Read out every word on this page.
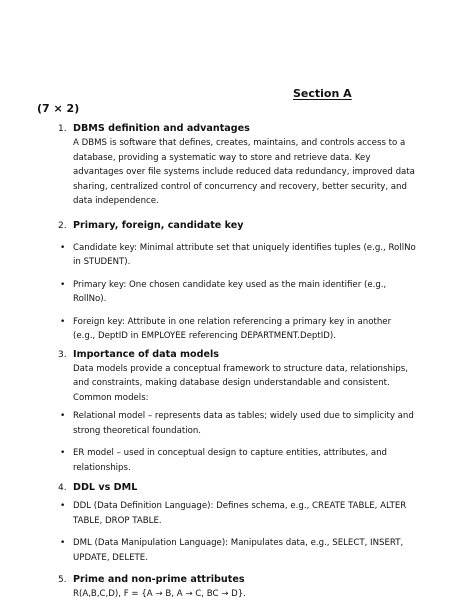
Section A
(7 × 2)
1. DBMS definition and advantages
A DBMS is software that defines, creates, maintains, and controls access to a database, providing a systematic way to store and retrieve data. Key advantages over file systems include reduced data redundancy, improved data sharing, centralized control of concurrency and recovery, better security, and data independence.
2. Primary, foreign, candidate key
• Candidate key: Minimal attribute set that uniquely identifies tuples (e.g., RollNo in STUDENT).
• Primary key: One chosen candidate key used as the main identifier (e.g., RollNo).
• Foreign key: Attribute in one relation referencing a primary key in another (e.g., DeptID in EMPLOYEE referencing DEPARTMENT.DeptID).
3. Importance of data models
Data models provide a conceptual framework to structure data, relationships, and constraints, making database design understandable and consistent. Common models:
• Relational model – represents data as tables; widely used due to simplicity and strong theoretical foundation.
• ER model – used in conceptual design to capture entities, attributes, and relationships.
4. DDL vs DML
• DDL (Data Definition Language): Defines schema, e.g., CREATE TABLE, ALTER TABLE, DROP TABLE.
• DML (Data Manipulation Language): Manipulates data, e.g., SELECT, INSERT, UPDATE, DELETE.
5. Prime and non-prime attributes
R(A,B,C,D), F = {A → B, A → C, BC → D}.
